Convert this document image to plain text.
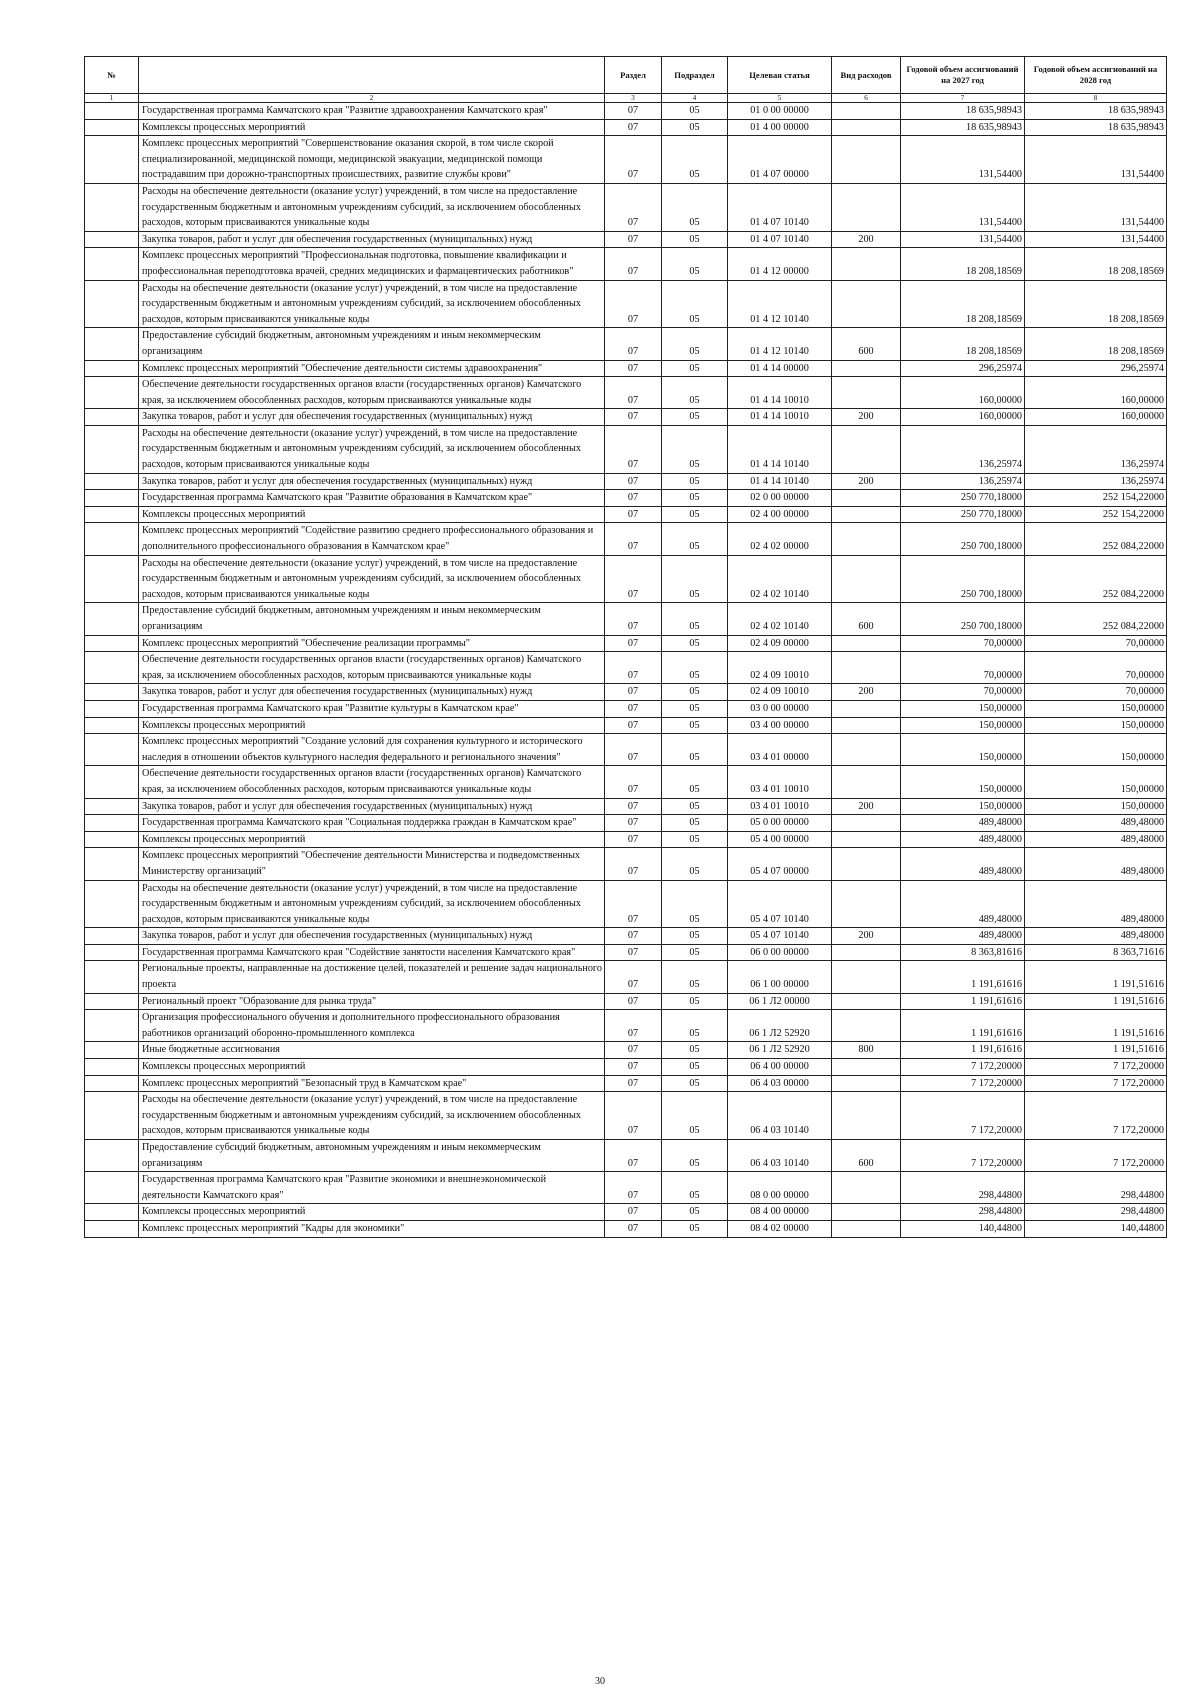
№		Раздел	Подраздел	Целевая статья	Вид расходов	Годовой объем ассигнований на 2027 год	Годовой объем ассигнований на 2028 год
1	2	3	4	5	6	7	8
	Государственная программа Камчатского края "Развитие здравоохранения Камчатского края"	07	05	01 0 00 00000		18 635,98943	18 635,98943
	Комплексы процессных мероприятий	07	05	01 4 00 00000		18 635,98943	18 635,98943
	Комплекс процессных мероприятий "Совершенствование оказания скорой, в том числе скорой специализированной, медицинской помощи, медицинской эвакуации, медицинской помощи пострадавшим при дорожно-транспортных происшествиях, развитие службы крови"	07	05	01 4 07 00000		131,54400	131,54400
	Расходы на обеспечение деятельности (оказание услуг) учреждений, в том числе на предоставление государственным бюджетным и автономным учреждениям субсидий, за исключением обособленных расходов, которым присваиваются уникальные коды	07	05	01 4 07 10140		131,54400	131,54400
	Закупка товаров, работ и услуг для обеспечения государственных (муниципальных) нужд	07	05	01 4 07 10140	200	131,54400	131,54400
	Комплекс процессных мероприятий "Профессиональная подготовка, повышение квалификации и профессиональная переподготовка врачей, средних медицинских и фармацевтических работников"	07	05	01 4 12 00000		18 208,18569	18 208,18569
	Расходы на обеспечение деятельности (оказание услуг) учреждений, в том числе на предоставление государственным бюджетным и автономным учреждениям субсидий, за исключением обособленных расходов, которым присваиваются уникальные коды	07	05	01 4 12 10140		18 208,18569	18 208,18569
	Предоставление субсидий бюджетным, автономным учреждениям и иным некоммерческим организациям	07	05	01 4 12 10140	600	18 208,18569	18 208,18569
	Комплекс процессных мероприятий "Обеспечение деятельности системы здравоохранения"	07	05	01 4 14 00000		296,25974	296,25974
	Обеспечение деятельности государственных органов власти (государственных органов) Камчатского края, за исключением обособленных расходов, которым присваиваются уникальные коды	07	05	01 4 14 10010		160,00000	160,00000
	Закупка товаров, работ и услуг для обеспечения государственных (муниципальных) нужд	07	05	01 4 14 10010	200	160,00000	160,00000
	Расходы на обеспечение деятельности (оказание услуг) учреждений, в том числе на предоставление государственным бюджетным и автономным учреждениям субсидий, за исключением обособленных расходов, которым присваиваются уникальные коды	07	05	01 4 14 10140		136,25974	136,25974
	Закупка товаров, работ и услуг для обеспечения государственных (муниципальных) нужд	07	05	01 4 14 10140	200	136,25974	136,25974
	Государственная программа Камчатского края "Развитие образования в Камчатском крае"	07	05	02 0 00 00000		250 770,18000	252 154,22000
	Комплексы процессных мероприятий	07	05	02 4 00 00000		250 770,18000	252 154,22000
	Комплекс процессных мероприятий "Содействие развитию среднего профессионального образования и дополнительного профессионального образования в Камчатском крае"	07	05	02 4 02 00000		250 700,18000	252 084,22000
	Расходы на обеспечение деятельности (оказание услуг) учреждений, в том числе на предоставление государственным бюджетным и автономным учреждениям субсидий, за исключением обособленных расходов, которым присваиваются уникальные коды	07	05	02 4 02 10140		250 700,18000	252 084,22000
	Предоставление субсидий бюджетным, автономным учреждениям и иным некоммерческим организациям	07	05	02 4 02 10140	600	250 700,18000	252 084,22000
	Комплекс процессных мероприятий "Обеспечение реализации программы"	07	05	02 4 09 00000		70,00000	70,00000
	Обеспечение деятельности государственных органов власти (государственных органов) Камчатского края, за исключением обособленных расходов, которым присваиваются уникальные коды	07	05	02 4 09 10010		70,00000	70,00000
	Закупка товаров, работ и услуг для обеспечения государственных (муниципальных) нужд	07	05	02 4 09 10010	200	70,00000	70,00000
	Государственная программа Камчатского края "Развитие культуры в Камчатском крае"	07	05	03 0 00 00000		150,00000	150,00000
	Комплексы процессных мероприятий	07	05	03 4 00 00000		150,00000	150,00000
	Комплекс процессных мероприятий "Создание условий для сохранения культурного и исторического наследия в отношении объектов культурного наследия федерального и регионального значения"	07	05	03 4 01 00000		150,00000	150,00000
	Обеспечение деятельности государственных органов власти (государственных органов) Камчатского края, за исключением обособленных расходов, которым присваиваются уникальные коды	07	05	03 4 01 10010		150,00000	150,00000
	Закупка товаров, работ и услуг для обеспечения государственных (муниципальных) нужд	07	05	03 4 01 10010	200	150,00000	150,00000
	Государственная программа Камчатского края "Социальная поддержка граждан в Камчатском крае"	07	05	05 0 00 00000		489,48000	489,48000
	Комплексы процессных мероприятий	07	05	05 4 00 00000		489,48000	489,48000
	Комплекс процессных мероприятий "Обеспечение деятельности Министерства и подведомственных Министерству организаций"	07	05	05 4 07 00000		489,48000	489,48000
	Расходы на обеспечение деятельности (оказание услуг) учреждений, в том числе на предоставление государственным бюджетным и автономным учреждениям субсидий, за исключением обособленных расходов, которым присваиваются уникальные коды	07	05	05 4 07 10140		489,48000	489,48000
	Закупка товаров, работ и услуг для обеспечения государственных (муниципальных) нужд	07	05	05 4 07 10140	200	489,48000	489,48000
	Государственная программа Камчатского края "Содействие занятости населения Камчатского края"	07	05	06 0 00 00000		8 363,81616	8 363,71616
	Региональные проекты, направленные на достижение целей, показателей и решение задач национального проекта	07	05	06 1 00 00000		1 191,61616	1 191,51616
	Региональный проект "Образование для рынка труда"	07	05	06 1 Л2 00000		1 191,61616	1 191,51616
	Организация профессионального обучения и дополнительного профессионального образования работников организаций оборонно-промышленного комплекса	07	05	06 1 Л2 52920		1 191,61616	1 191,51616
	Иные бюджетные ассигнования	07	05	06 1 Л2 52920	800	1 191,61616	1 191,51616
	Комплексы процессных мероприятий	07	05	06 4 00 00000		7 172,20000	7 172,20000
	Комплекс процессных мероприятий "Безопасный труд в Камчатском крае"	07	05	06 4 03 00000		7 172,20000	7 172,20000
	Расходы на обеспечение деятельности (оказание услуг) учреждений, в том числе на предоставление государственным бюджетным и автономным учреждениям субсидий, за исключением обособленных расходов, которым присваиваются уникальные коды	07	05	06 4 03 10140		7 172,20000	7 172,20000
	Предоставление субсидий бюджетным, автономным учреждениям и иным некоммерческим организациям	07	05	06 4 03 10140	600	7 172,20000	7 172,20000
	Государственная программа Камчатского края "Развитие экономики и внешнеэкономической деятельности Камчатского края"	07	05	08 0 00 00000		298,44800	298,44800
	Комплексы процессных мероприятий	07	05	08 4 00 00000		298,44800	298,44800
	Комплекс процессных мероприятий "Кадры для экономики"	07	05	08 4 02 00000		140,44800	140,44800
30
